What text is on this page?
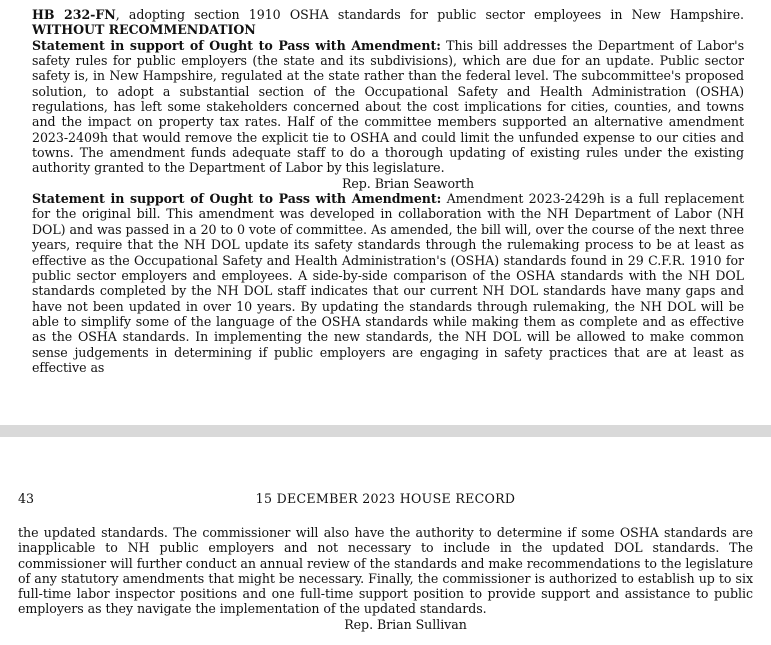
HB 232-FN, adopting section 1910 OSHA standards for public sector employees in New Hampshire. WITHOUT RECOMMENDATION

Statement in support of Ought to Pass with Amendment: This bill addresses the Department of Labor's safety rules for public employers (the state and its subdivisions), which are due for an update. Public sector safety is, in New Hampshire, regulated at the state rather than the federal level. The subcommittee's proposed solution, to adopt a substantial section of the Occupational Safety and Health Administration (OSHA) regulations, has left some stakeholders concerned about the cost implications for cities, counties, and towns and the impact on property tax rates. Half of the committee members supported an alternative amendment 2023-2409h that would remove the explicit tie to OSHA and could limit the unfunded expense to our cities and towns. The amendment funds adequate staff to do a thorough updating of existing rules under the existing authority granted to the Department of Labor by this legislature.

Rep. Brian Seaworth

Statement in support of Ought to Pass with Amendment: Amendment 2023-2429h is a full replacement for the original bill. This amendment was developed in collaboration with the NH Department of Labor (NH DOL) and was passed in a 20 to 0 vote of committee. As amended, the bill will, over the course of the next three years, require that the NH DOL update its safety standards through the rulemaking process to be at least as effective as the Occupational Safety and Health Administration's (OSHA) standards found in 29 C.F.R. 1910 for public sector employers and employees. A side-by-side comparison of the OSHA standards with the NH DOL standards completed by the NH DOL staff indicates that our current NH DOL standards have many gaps and have not been updated in over 10 years. By updating the standards through rulemaking, the NH DOL will be able to simplify some of the language of the OSHA standards while making them as complete and as effective as the OSHA standards. In implementing the new standards, the NH DOL will be allowed to make common sense judgements in determining if public employers are engaging in safety practices that are at least as effective as

43	15 DECEMBER 2023 HOUSE RECORD

the updated standards. The commissioner will also have the authority to determine if some OSHA standards are inapplicable to NH public employers and not necessary to include in the updated DOL standards. The commissioner will further conduct an annual review of the standards and make recommendations to the legislature of any statutory amendments that might be necessary. Finally, the commissioner is authorized to establish up to six full-time labor inspector positions and one full-time support position to provide support and assistance to public employers as they navigate the implementation of the updated standards.

Rep. Brian Sullivan
